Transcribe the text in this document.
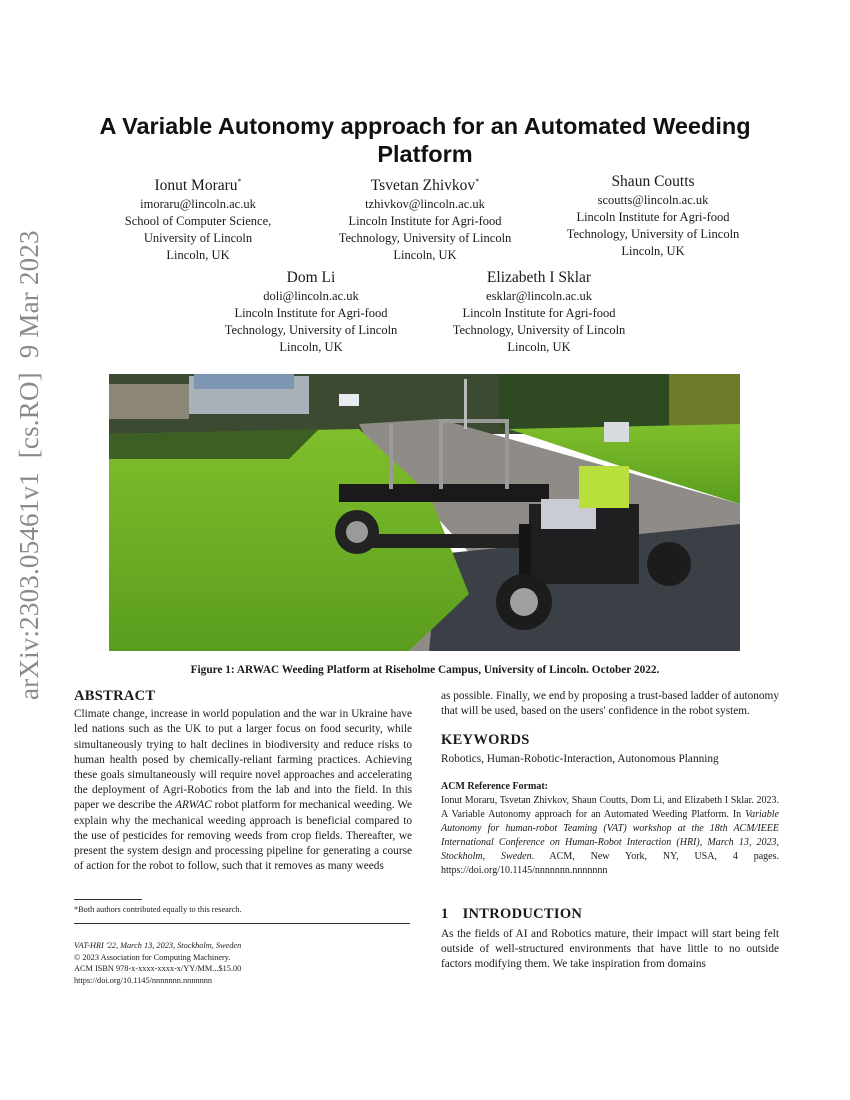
arXiv:2303.05461v1  [cs.RO]  9 Mar 2023
A Variable Autonomy approach for an Automated Weeding
Platform
Ionut Moraru*
imoraru@lincoln.ac.uk
School of Computer Science,
University of Lincoln
Lincoln, UK
Tsvetan Zhivkov*
tzhivkov@lincoln.ac.uk
Lincoln Institute for Agri-food
Technology, University of Lincoln
Lincoln, UK
Shaun Coutts
scoutts@lincoln.ac.uk
Lincoln Institute for Agri-food
Technology, University of Lincoln
Lincoln, UK
Dom Li
doli@lincoln.ac.uk
Lincoln Institute for Agri-food
Technology, University of Lincoln
Lincoln, UK
Elizabeth I Sklar
esklar@lincoln.ac.uk
Lincoln Institute for Agri-food
Technology, University of Lincoln
Lincoln, UK
Figure 1: ARWAC Weeding Platform at Riseholme Campus, University of Lincoln. October 2022.
ABSTRACT

Climate change, increase in world population and the war in Ukraine have led nations such as the UK to put a larger focus on food security, while simultaneously trying to halt declines in biodiversity and reduce risks to human health posed by chemically-reliant farming practices. Achieving these goals simultaneously will require novel approaches and accelerating the deployment of Agri-Robotics from the lab and into the field. In this paper we describe the ARWAC robot platform for mechanical weeding. We explain why the mechanical weeding approach is beneficial compared to the use of pesticides for removing weeds from crop fields. Thereafter, we present the system design and processing pipeline for generating a course of action for the robot to follow, such that it removes as many weeds

*Both authors contributed equally to this research.
VAT-HRI '22, March 13, 2023, Stockholm, Sweden
© 2023 Association for Computing Machinery.
ACM ISBN 978-x-xxxx-xxxx-x/YY/MM...$15.00
https://doi.org/10.1145/nnnnnnn.nnnnnnn

as possible. Finally, we end by proposing a trust-based ladder of autonomy that will be used, based on the users' confidence in the robot system.

KEYWORDS

Robotics, Human-Robotic-Interaction, Autonomous Planning

ACM Reference Format:

Ionut Moraru, Tsvetan Zhivkov, Shaun Coutts, Dom Li, and Elizabeth I Sklar. 2023. A Variable Autonomy approach for an Automated Weeding Platform. In Variable Autonomy for human-robot Teaming (VAT) workshop at the 18th ACM/IEEE International Conference on Human-Robot Interaction (HRI), March 13, 2023, Stockholm, Sweden. ACM, New York, NY, USA, 4 pages. https://doi.org/10.1145/nnnnnnn.nnnnnnn

1 INTRODUCTION

As the fields of AI and Robotics mature, their impact will start being felt outside of well-structured environments that have little to no outside factors modifying them. We take inspiration from domains
